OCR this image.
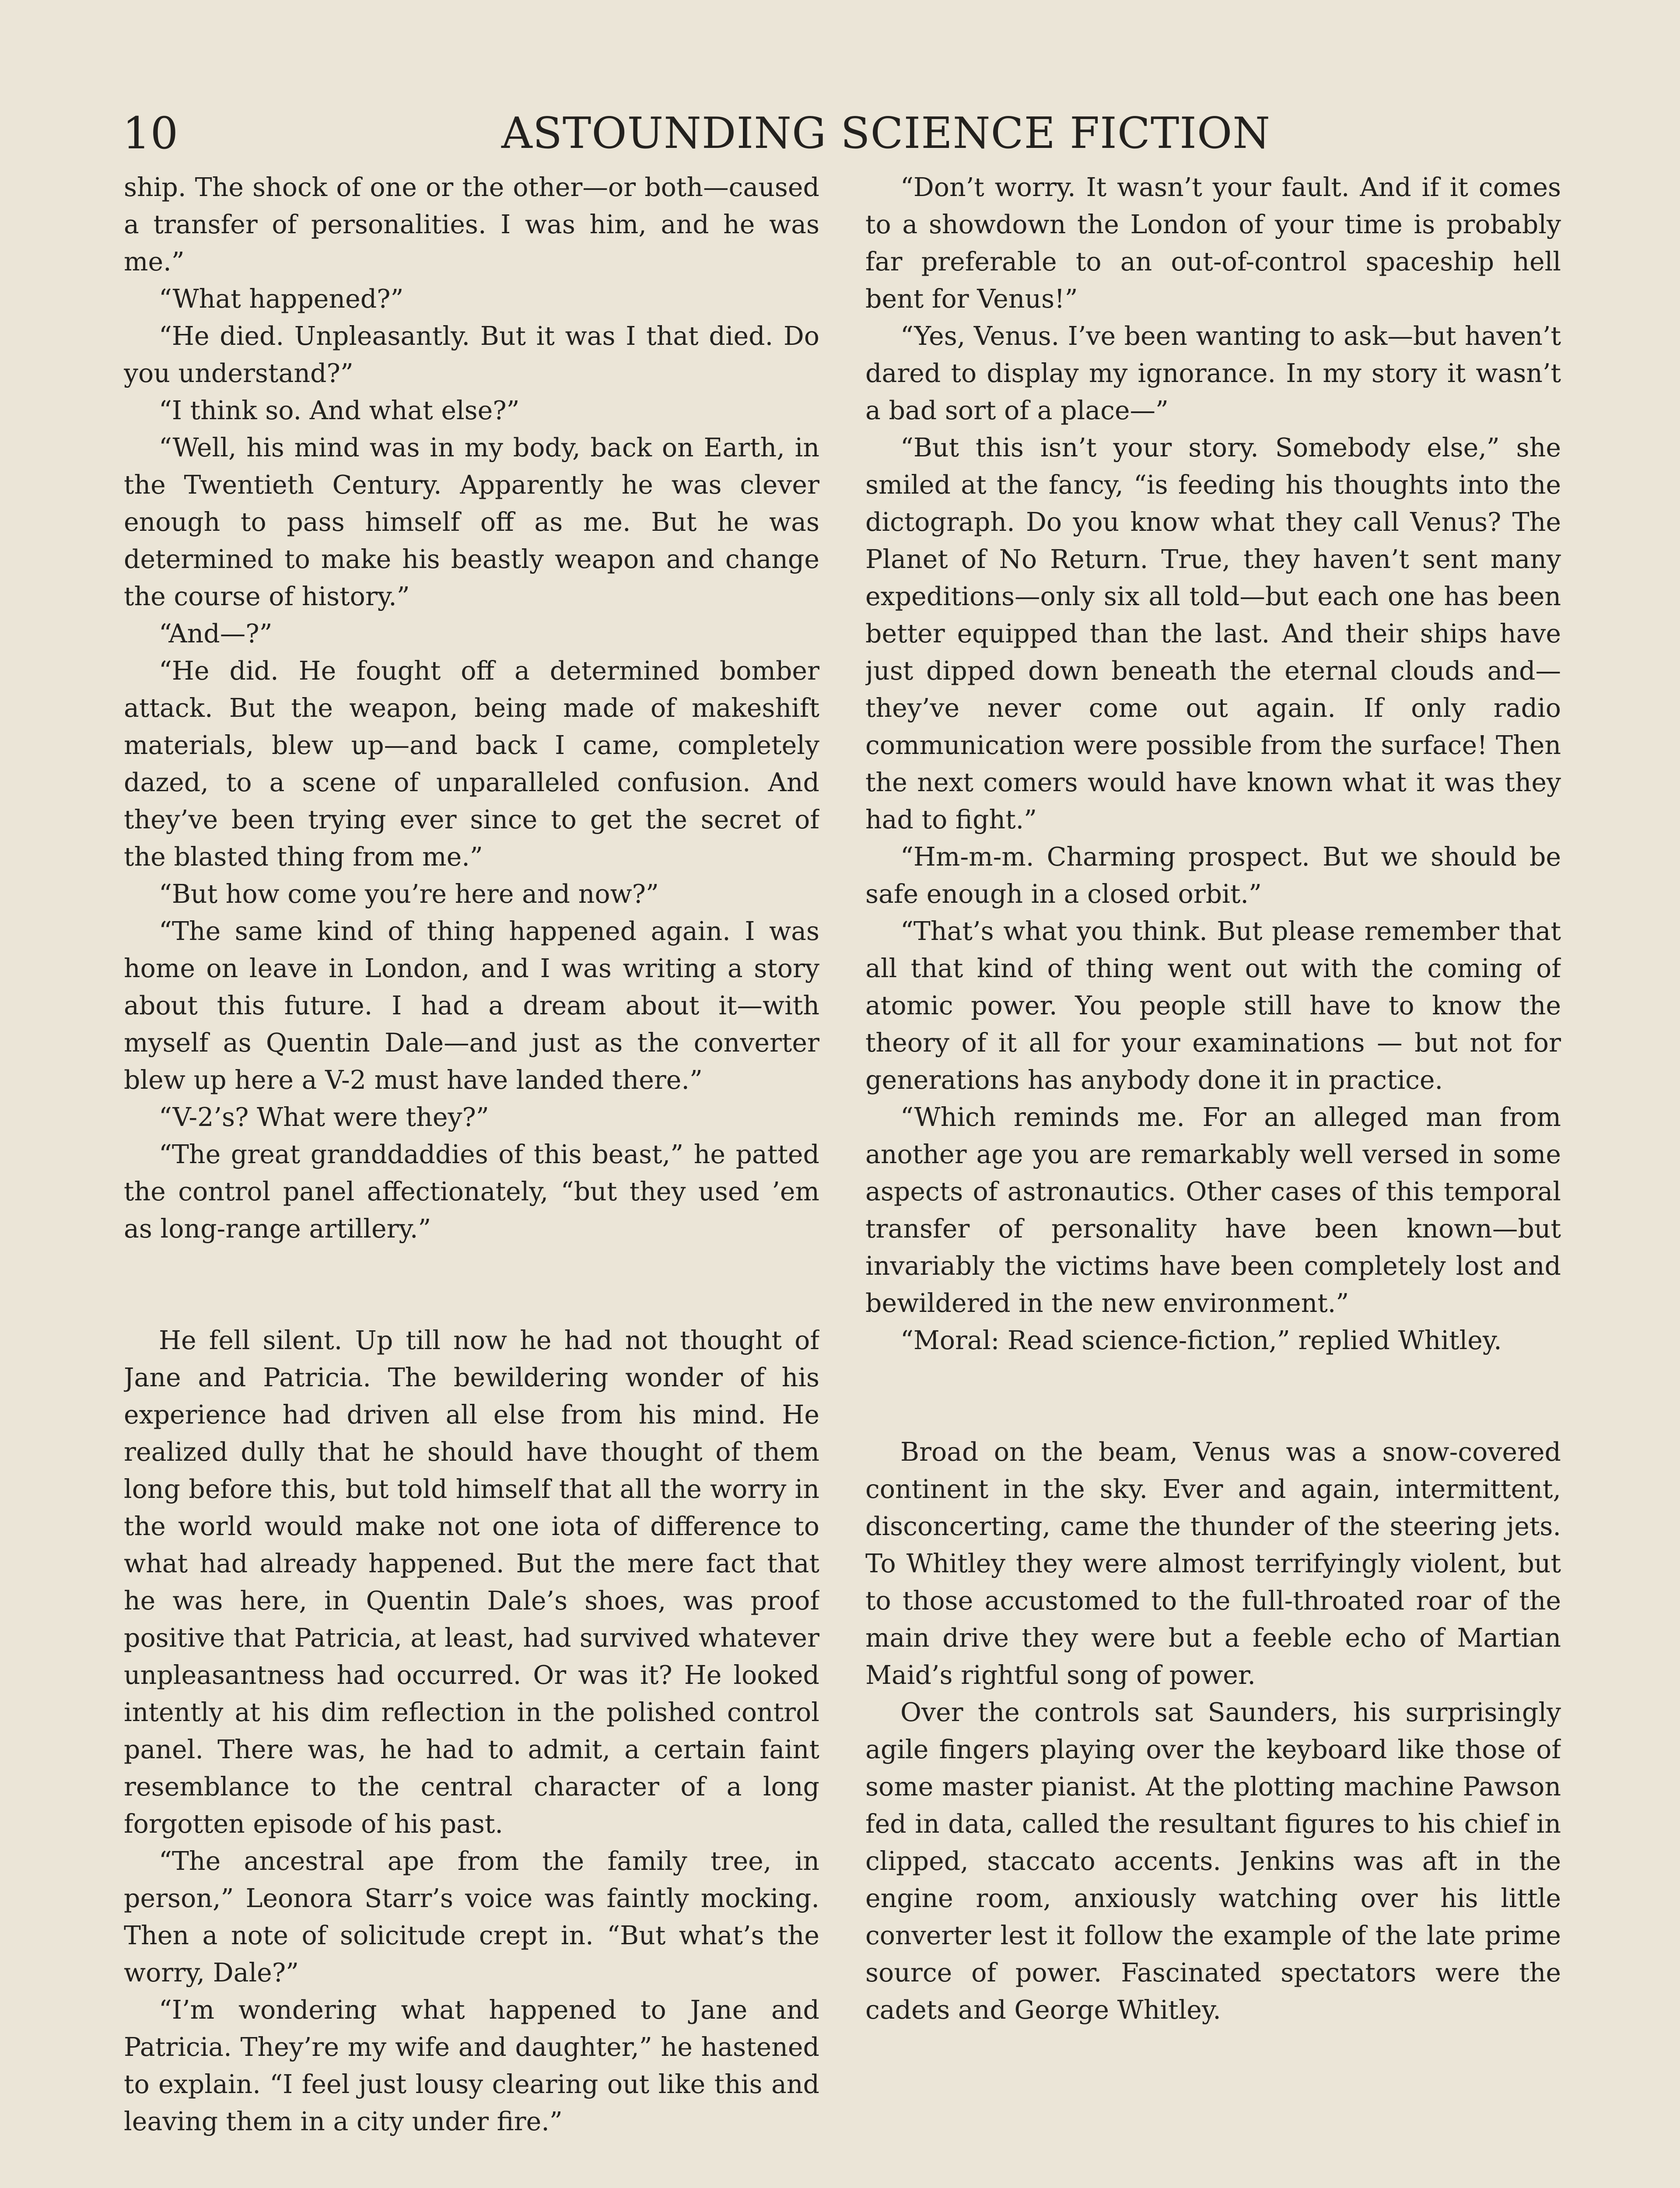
10	ASTOUNDING SCIENCE FICTION

ship. The shock of one or the other—or both—caused a transfer of personalities. I was him, and he was me.”

“What happened?”

“He died. Unpleasantly. But it was I that died. Do you understand?”

“I think so. And what else?”

“Well, his mind was in my body, back on Earth, in the Twentieth Century. Apparently he was clever enough to pass himself off as me. But he was determined to make his beastly weapon and change the course of history.”

“And—?”

“He did. He fought off a determined bomber attack. But the weapon, being made of makeshift materials, blew up—and back I came, completely dazed, to a scene of unparalleled confusion. And they’ve been trying ever since to get the secret of the blasted thing from me.”

“But how come you’re here and now?”

“The same kind of thing happened again. I was home on leave in London, and I was writing a story about this future. I had a dream about it—with myself as Quentin Dale—and just as the converter blew up here a V-2 must have landed there.”

“V-2’s? What were they?”

“The great granddaddies of this beast,” he patted the control panel affectionately, “but they used ’em as long-range artillery.”

He fell silent. Up till now he had not thought of Jane and Patricia. The bewildering wonder of his experience had driven all else from his mind. He realized dully that he should have thought of them long before this, but told himself that all the worry in the world would make not one iota of difference to what had already happened. But the mere fact that he was here, in Quentin Dale’s shoes, was proof positive that Patricia, at least, had survived whatever unpleasantness had occurred. Or was it? He looked intently at his dim reflection in the polished control panel. There was, he had to admit, a certain faint resemblance to the central character of a long forgotten episode of his past.

“The ancestral ape from the family tree, in person,” Leonora Starr’s voice was faintly mocking. Then a note of solicitude crept in. “But what’s the worry, Dale?”

“I’m wondering what happened to Jane and Patricia. They’re my wife and daughter,” he hastened to explain. “I feel just lousy clearing out like this and leaving them in a city under fire.”

“Don’t worry. It wasn’t your fault. And if it comes to a showdown the London of your time is probably far preferable to an out-of-control spaceship hell bent for Venus!”

“Yes, Venus. I’ve been wanting to ask—but haven’t dared to display my ignorance. In my story it wasn’t a bad sort of a place—”

“But this isn’t your story. Somebody else,” she smiled at the fancy, “is feeding his thoughts into the dictograph. Do you know what they call Venus? The Planet of No Return. True, they haven’t sent many expeditions—only six all told—but each one has been better equipped than the last. And their ships have just dipped down beneath the eternal clouds and—they’ve never come out again. If only radio communication were possible from the surface! Then the next comers would have known what it was they had to fight.”

“Hm-m-m. Charming prospect. But we should be safe enough in a closed orbit.”

“That’s what you think. But please remember that all that kind of thing went out with the coming of atomic power. You people still have to know the theory of it all for your examinations — but not for generations has anybody done it in practice.

“Which reminds me. For an alleged man from another age you are remarkably well versed in some aspects of astronautics. Other cases of this temporal transfer of personality have been known—but invariably the victims have been completely lost and bewildered in the new environment.”

“Moral: Read science-fiction,” replied Whitley.

Broad on the beam, Venus was a snow-covered continent in the sky. Ever and again, intermittent, disconcerting, came the thunder of the steering jets. To Whitley they were almost terrifyingly violent, but to those accustomed to the full-throated roar of the main drive they were but a feeble echo of Martian Maid’s rightful song of power.

Over the controls sat Saunders, his surprisingly agile fingers playing over the keyboard like those of some master pianist. At the plotting machine Pawson fed in data, called the resultant figures to his chief in clipped, staccato accents. Jenkins was aft in the engine room, anxiously watching over his little converter lest it follow the example of the late prime source of power. Fascinated spectators were the cadets and George Whitley.
